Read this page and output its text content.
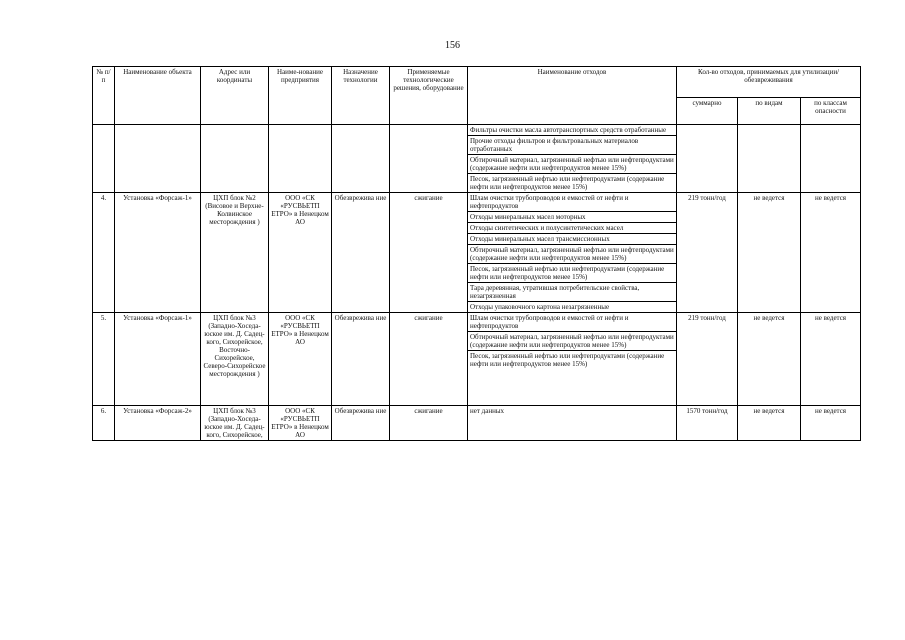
156
№ п/п	Наименование объекта	Адрес или координаты	Наиме-нование предприятия	Назначение технологии	Применяемые технологические решения, оборудование	Наименование отходов	Кол-во отходов, принимаемых для утилизации/обезвреживания		
							суммарно	по видам	по классам опасности
						Фильтры очистки масла автотранспортных средств отработанные			
						Прочие отходы фильтров и фильтровальных материалов отработанных			
						Обтирочный материал, загрязненный нефтью или нефтепродуктами (содержание нефти или нефтепродуктов менее 15%)			
						Песок, загрязненный нефтью или нефтепродуктами (содержание нефти или нефтепродуктов менее 15%)			
4.	Установка «Форсаж-1»	ЦХП блок №2 (Висовое и Верхне-Колвинское месторождения )	ООО «СК «РУСВЬЕТП ЕТРО» в Ненецком АО	Обезврежива ние	сжигание	Шлам очистки трубопроводов и емкостей от нефти и нефтепродуктов	219 тонн/год	не ведется	не ведется
						Отходы минеральных масел моторных			
						Отходы синтетических и полусинтетических масел			
						Отходы минеральных масел трансмиссионных			
						Обтирочный материал, загрязненный нефтью или нефтепродуктами (содержание нефти или нефтепродуктов менее 15%)			
						Песок, загрязненный нефтью или нефтепродуктами (содержание нефти или нефтепродуктов менее 15%)			
						Тара деревянная, утратившая потребительские свойства, незагрязненная			
						Отходы упаковочного картона незагрязненные			
5.	Установка «Форсаж-1»	ЦХП блок №3 (Западно-Хоседа-юское им. Д. Садец-кого, Сихорейское, Восточно-Сихорейское, Северо-Сихорейское месторождения )	ООО «СК «РУСВЬЕТП ЕТРО» в Ненецком АО	Обезврежива ние	сжигание	Шлам очистки трубопроводов и емкостей от нефти и нефтепродуктов	219 тонн/год	не ведется	не ведется
						Обтирочный материал, загрязненный нефтью или нефтепродуктами (содержание нефти или нефтепродуктов менее 15%)			
						Песок, загрязненный нефтью или нефтепродуктами (содержание нефти или нефтепродуктов менее 15%)			
6.	Установка «Форсаж-2»	ЦХП блок №3 (Западно-Хоседа-юское им. Д. Садец-кого, Сихорейское,	ООО «СК «РУСВЬЕТП ЕТРО» в Ненецком АО	Обезврежива ние	сжигание	нет данных	1570 тонн/год	не ведется	не ведется
